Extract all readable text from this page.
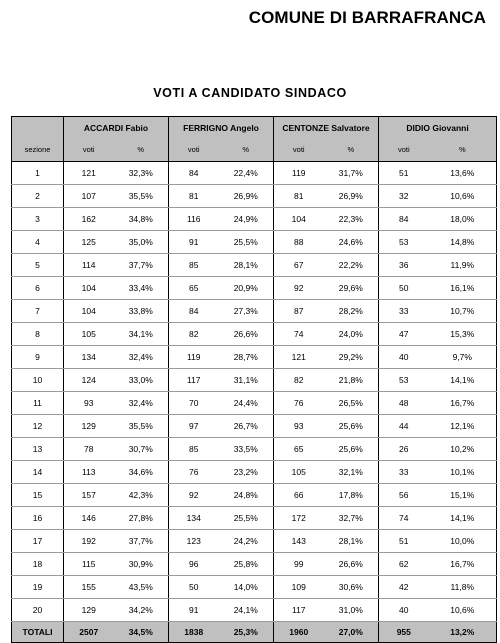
COMUNE DI BARRAFRANCA
VOTI A CANDIDATO SINDACO
	ACCARDI Fabio		FERRIGNO Angelo		CENTONZE Salvatore		DIDIO Giovanni	
sezione	voti	%	voti	%	voti	%	voti	%
1	121	32,3%	84	22,4%	119	31,7%	51	13,6%
2	107	35,5%	81	26,9%	81	26,9%	32	10,6%
3	162	34,8%	116	24,9%	104	22,3%	84	18,0%
4	125	35,0%	91	25,5%	88	24,6%	53	14,8%
5	114	37,7%	85	28,1%	67	22,2%	36	11,9%
6	104	33,4%	65	20,9%	92	29,6%	50	16,1%
7	104	33,8%	84	27,3%	87	28,2%	33	10,7%
8	105	34,1%	82	26,6%	74	24,0%	47	15,3%
9	134	32,4%	119	28,7%	121	29,2%	40	9,7%
10	124	33,0%	117	31,1%	82	21,8%	53	14,1%
11	93	32,4%	70	24,4%	76	26,5%	48	16,7%
12	129	35,5%	97	26,7%	93	25,6%	44	12,1%
13	78	30,7%	85	33,5%	65	25,6%	26	10,2%
14	113	34,6%	76	23,2%	105	32,1%	33	10,1%
15	157	42,3%	92	24,8%	66	17,8%	56	15,1%
16	146	27,8%	134	25,5%	172	32,7%	74	14,1%
17	192	37,7%	123	24,2%	143	28,1%	51	10,0%
18	115	30,9%	96	25,8%	99	26,6%	62	16,7%
19	155	43,5%	50	14,0%	109	30,6%	42	11,8%
20	129	34,2%	91	24,1%	117	31,0%	40	10,6%
TOTALI	2507	34,5%	1838	25,3%	1960	27,0%	955	13,2%
